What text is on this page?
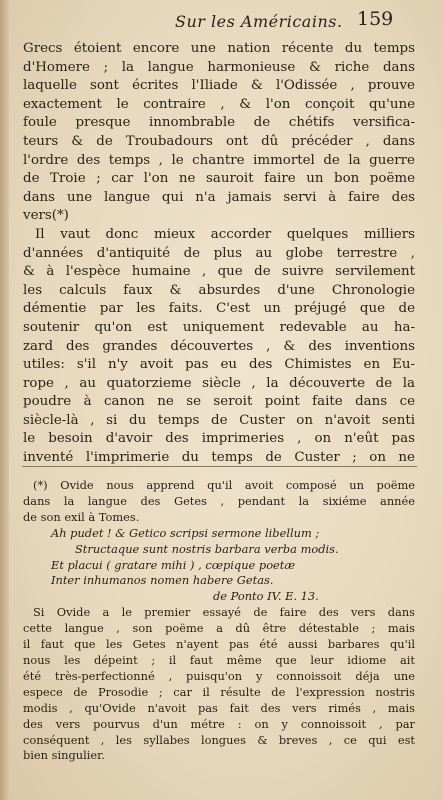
Sur les Américains. 159
Grecs étoient encore une nation récente du temps
d'Homere ; la langue harmonieuse & riche dans
laquelle sont écrites l'Iliade & l'Odissée , prouve
exactement le contraire , & l'on conçoit qu'une
foule presque innombrable de chétifs versifica-
teurs & de Troubadours ont dû précéder , dans
l'ordre des temps , le chantre immortel de la guerre
de Troie ; car l'on ne sauroit faire un bon poëme
dans une langue qui n'a jamais servi à faire des
vers(*)
Il vaut donc mieux accorder quelques milliers
d'années d'antiquité de plus au globe terrestre ,
& à l'espèce humaine , que de suivre servilement
les calculs faux & absurdes d'une Chronologie
démentie par les faits. C'est un préjugé que de
soutenir qu'on est uniquement redevable au ha-
zard des grandes découvertes , & des inventions
utiles: s'il n'y avoit pas eu des Chimistes en Eu-
rope , au quatorzieme siècle , la découverte de la
poudre à canon ne se seroit point faite dans ce
siècle-là , si du temps de Custer on n'avoit senti
le besoin d'avoir des imprimeries , on n'eût pas
inventé l'imprimerie du temps de Custer ; on ne
(*) Ovide nous apprend qu'il avoit composé un poëme
dans la langue des Getes , pendant la sixiéme année
de son exil à Tomes.
Ah pudet ! & Getico scripsi sermone libellum ;
Structaque sunt nostris barbara verba modis.
Et placui ( gratare mihi ) , cœpique poetæ
Inter inhumanos nomen habere Getas.
de Ponto IV. E. 13.
Si Ovide a le premier essayé de faire des vers dans
cette langue , son poëme a dû être détestable ; mais
il faut que les Getes n'ayent pas été aussi barbares qu'il
nous les dépeint ; il faut même que leur idiome ait
été très-perfectionné , puisqu'on y connoissoit déja une
espece de Prosodie ; car il résulte de l'expression nostris
modis , qu'Ovide n'avoit pas fait des vers rimés , mais
des vers pourvus d'un métre : on y connoissoit , par
conséquent , les syllabes longues & breves , ce qui est
bien singulier.
